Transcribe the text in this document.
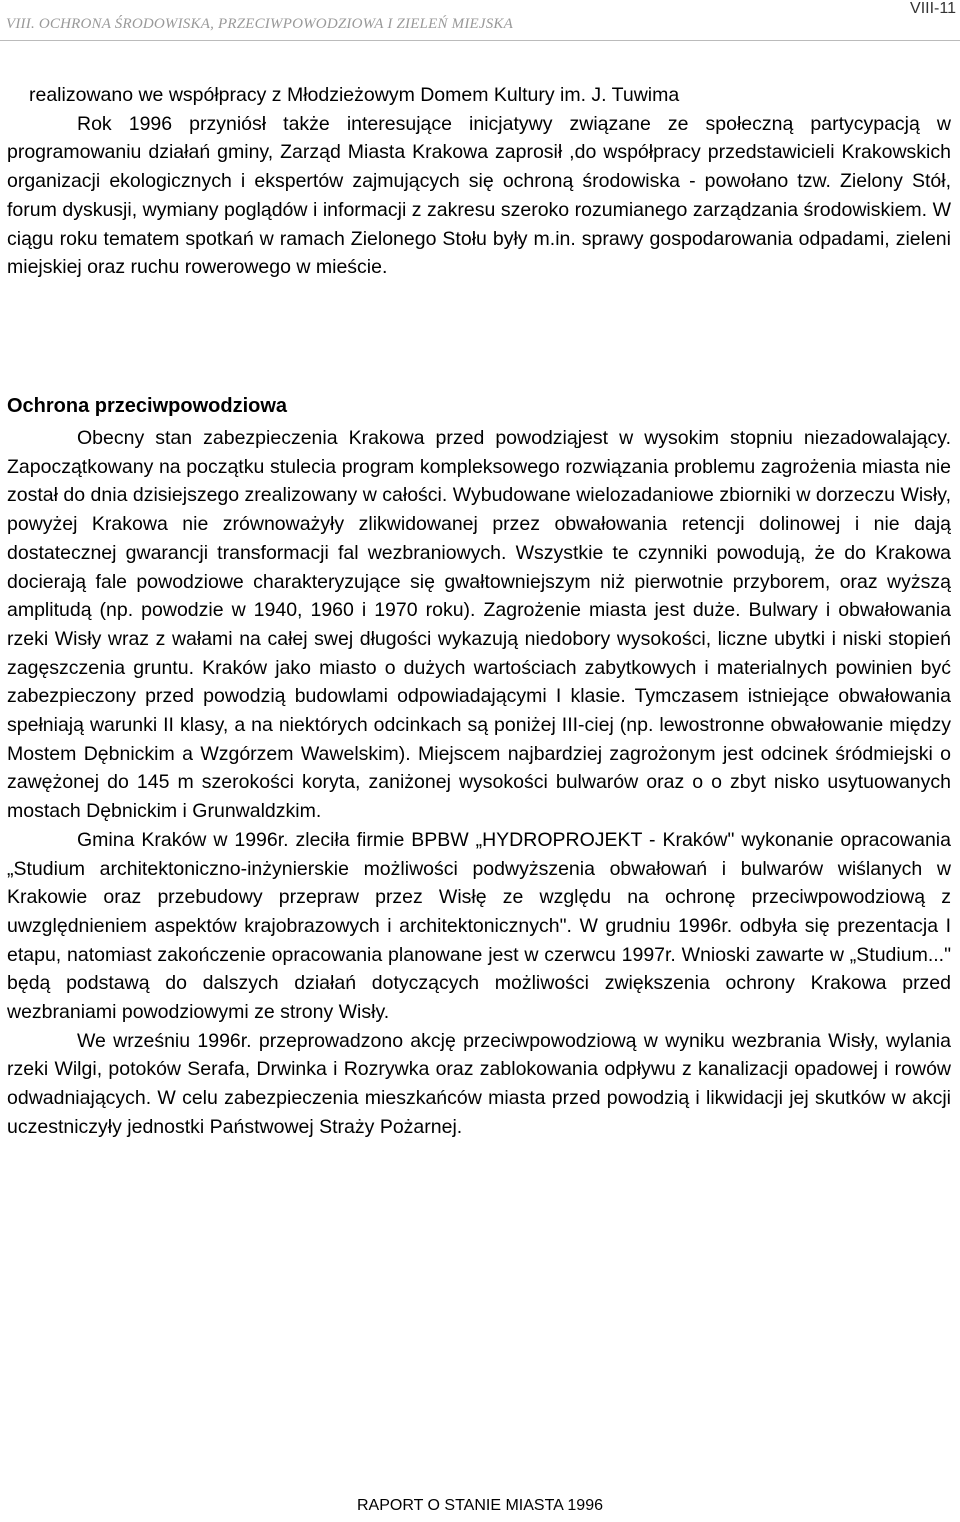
VIII. OCHRONA ŚRODOWISKA, PRZECIWPOWODZIOWA I ZIELEŃ MIEJSKA
VIII-11

realizowano we współpracy z Młodzieżowym Domem Kultury im. J. Tuwima

Rok 1996 przyniósł także interesujące inicjatywy związane ze społeczną partycypacją w programowaniu działań gminy, Zarząd Miasta Krakowa zaprosił ,do współpracy przedstawicieli Krakowskich organizacji ekologicznych i ekspertów zajmujących się ochroną środowiska - powołano tzw. Zielony Stół, forum dyskusji, wymiany poglądów i informacji z zakresu szeroko rozumianego zarządzania środowiskiem. W ciągu roku tematem spotkań w ramach Zielonego Stołu były m.in. sprawy gospodarowania odpadami, zieleni miejskiej oraz ruchu rowerowego w mieście.

Ochrona przeciwpowodziowa

Obecny stan zabezpieczenia Krakowa przed powodziąjest w wysokim stopniu niezadowalający. Zapoczątkowany na początku stulecia program kompleksowego rozwiązania problemu zagrożenia miasta nie został do dnia dzisiejszego zrealizowany w całości. Wybudowane wielozadaniowe zbiorniki w dorzeczu Wisły, powyżej Krakowa nie zrównoważyły zlikwidowanej przez obwałowania retencji dolinowej i nie dają dostatecznej gwarancji transformacji fal wezbraniowych. Wszystkie te czynniki powodują, że do Krakowa docierają fale powodziowe charakteryzujące się gwałtowniejszym niż pierwotnie przyborem, oraz wyższą amplitudą (np. powodzie w 1940, 1960 i 1970 roku). Zagrożenie miasta jest duże. Bulwary i obwałowania rzeki Wisły wraz z wałami na całej swej długości wykazują niedobory wysokości, liczne ubytki i niski stopień zagęszczenia gruntu. Kraków jako miasto o dużych wartościach zabytkowych i materialnych powinien być zabezpieczony przed powodzią budowlami odpowiadającymi I klasie. Tymczasem istniejące obwałowania spełniają warunki II klasy, a na niektórych odcinkach są poniżej III-ciej (np. lewostronne obwałowanie między Mostem Dębnickim a Wzgórzem Wawelskim). Miejscem najbardziej zagrożonym jest odcinek śródmiejski o zawężonej do 145 m szerokości koryta, zaniżonej wysokości bulwarów oraz o o zbyt nisko usytuowanych mostach Dębnickim i Grunwaldzkim.

Gmina Kraków w 1996r. zleciła firmie BPBW „HYDROPROJEKT - Kraków" wykonanie opracowania „Studium architektoniczno-inżynierskie możliwości podwyższenia obwałowań i bulwarów wiślanych w Krakowie oraz przebudowy przepraw przez Wisłę ze względu na ochronę przeciwpowodziową z uwzględnieniem aspektów krajobrazowych i architektonicznych". W grudniu 1996r. odbyła się prezentacja I etapu, natomiast zakończenie opracowania planowane jest w czerwcu 1997r. Wnioski zawarte w „Studium..." będą podstawą do dalszych działań dotyczących możliwości zwiększenia ochrony Krakowa przed wezbraniami powodziowymi ze strony Wisły.

We wrześniu 1996r. przeprowadzono akcję przeciwpowodziową w wyniku wezbrania Wisły, wylania rzeki Wilgi, potoków Serafa, Drwinka i Rozrywka oraz zablokowania odpływu z kanalizacji opadowej i rowów odwadniających. W celu zabezpieczenia mieszkańców miasta przed powodzią i likwidacji jej skutków w akcji uczestniczyły jednostki Państwowej Straży Pożarnej.

RAPORT O STANIE MIASTA 1996
